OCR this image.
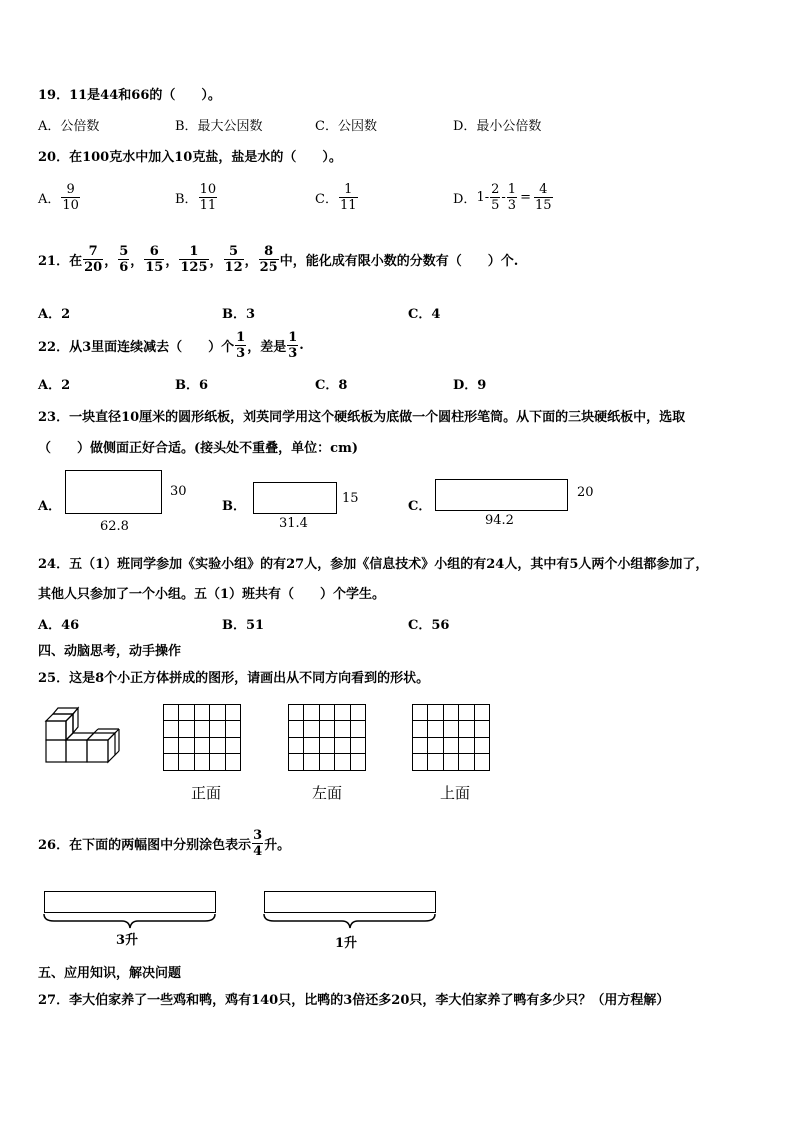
19．11是44和66的（　　）。
A．公倍数	B．最大公因数	C．公因数	D．最小公倍数
20．在100克水中加入10克盐，盐是水的（　　）。
A． $\frac{9}{10}$	B． $\frac{10}{11}$	C． $\frac{1}{11}$	D． $1- \frac{2}{5} - \frac{1}{3} = \frac{4}{15}$
21．在 $\frac{7}{20}$ ， $\frac{5}{6}$ ， $\frac{6}{15}$ ， $\frac{1}{125}$ ， $\frac{5}{12}$ ， $\frac{8}{25}$ 中，能化成有限小数的分数有（　　）个.
A．2	B．3	C．4
22．从3里面连续减去（　　）个 $\frac{1}{3}$ ，差是 $\frac{1}{3}$ .
A．2	B．6	C．8	D．9
23．一块直径10厘米的圆形纸板，刘英同学用这个硬纸板为底做一个圆柱形笔筒。从下面的三块硬纸板中，选取
（　　）做侧面正好合适。(接头处不重叠，单位：cm)
A．
30
62.8
B．
15
31.4
C．
20
94.2
24．五（1）班同学参加《实验小组》的有27人，参加《信息技术》小组的有24人，其中有5人两个小组都参加了，
其他人只参加了一个小组。五（1）班共有（　　）个学生。
A．46	B．51	C．56
四、动脑思考，动手操作
25．这是8个小正方体拼成的图形，请画出从不同方向看到的形状。

正面	左面	上面
26．在下面的两幅图中分别涂色表示 $\frac{3}{4}$ 升。
3升	1升
五、应用知识，解决问题
27．李大伯家养了一些鸡和鸭，鸡有140只，比鸭的3倍还多20只，李大伯家养了鸭有多少只？（用方程解）
